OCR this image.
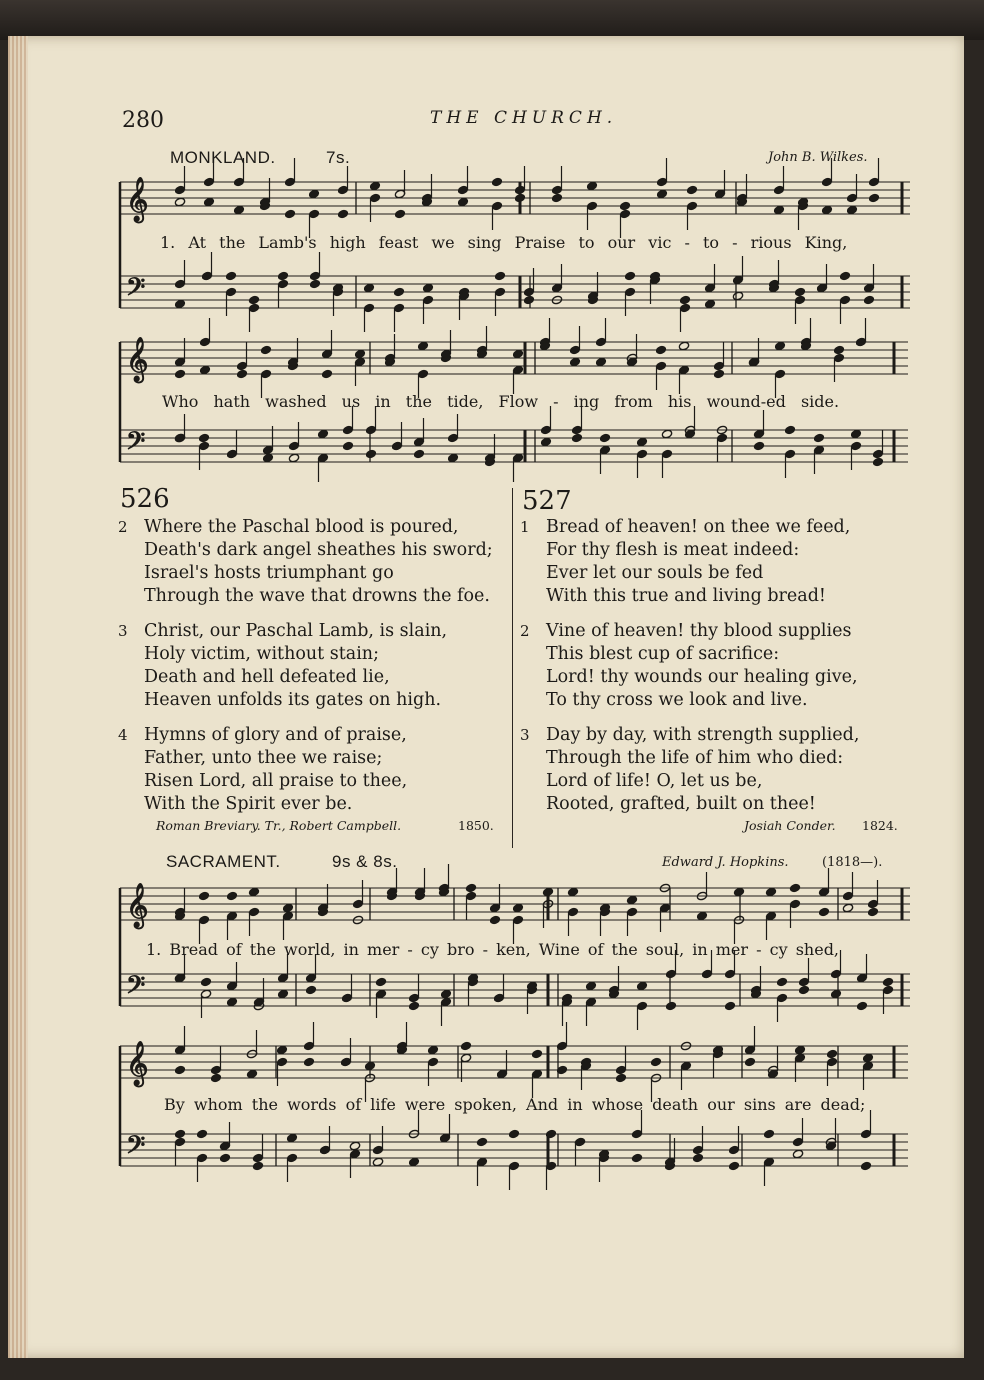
280	THE CHURCH.
MONKLAND.	7s.	John B. Wilkes.
𝄞
𝄢
𝄞
𝄢
𝄞
𝄢
𝄞
𝄢
1. At the Lamb's high feast we sing Praise to our vic - to - rious King,
Who hath washed us in the tide, Flow - ing from his wound-ed side.
526
2 Where the Paschal blood is poured,
Death's dark angel sheathes his sword;
Israel's hosts triumphant go
Through the wave that drowns the foe.
3 Christ, our Paschal Lamb, is slain,
Holy victim, without stain;
Death and hell defeated lie,
Heaven unfolds its gates on high.
4 Hymns of glory and of praise,
Father, unto thee we raise;
Risen Lord, all praise to thee,
With the Spirit ever be.
Roman Breviary. Tr., Robert Campbell.	1850.
527
1 Bread of heaven! on thee we feed,
For thy flesh is meat indeed:
Ever let our souls be fed
With this true and living bread!
2 Vine of heaven! thy blood supplies
This blest cup of sacrifice:
Lord! thy wounds our healing give,
To thy cross we look and live.
3 Day by day, with strength supplied,
Through the life of him who died:
Lord of life! O, let us be,
Rooted, grafted, built on thee!
Josiah Conder. 1824.
SACRAMENT.	9s & 8s.	Edward J. Hopkins.	(1818—).
1. Bread of the world, in mer - cy bro - ken, Wine of the soul, in mer - cy shed,
By whom the words of life were spoken, And in whose death our sins are dead;
